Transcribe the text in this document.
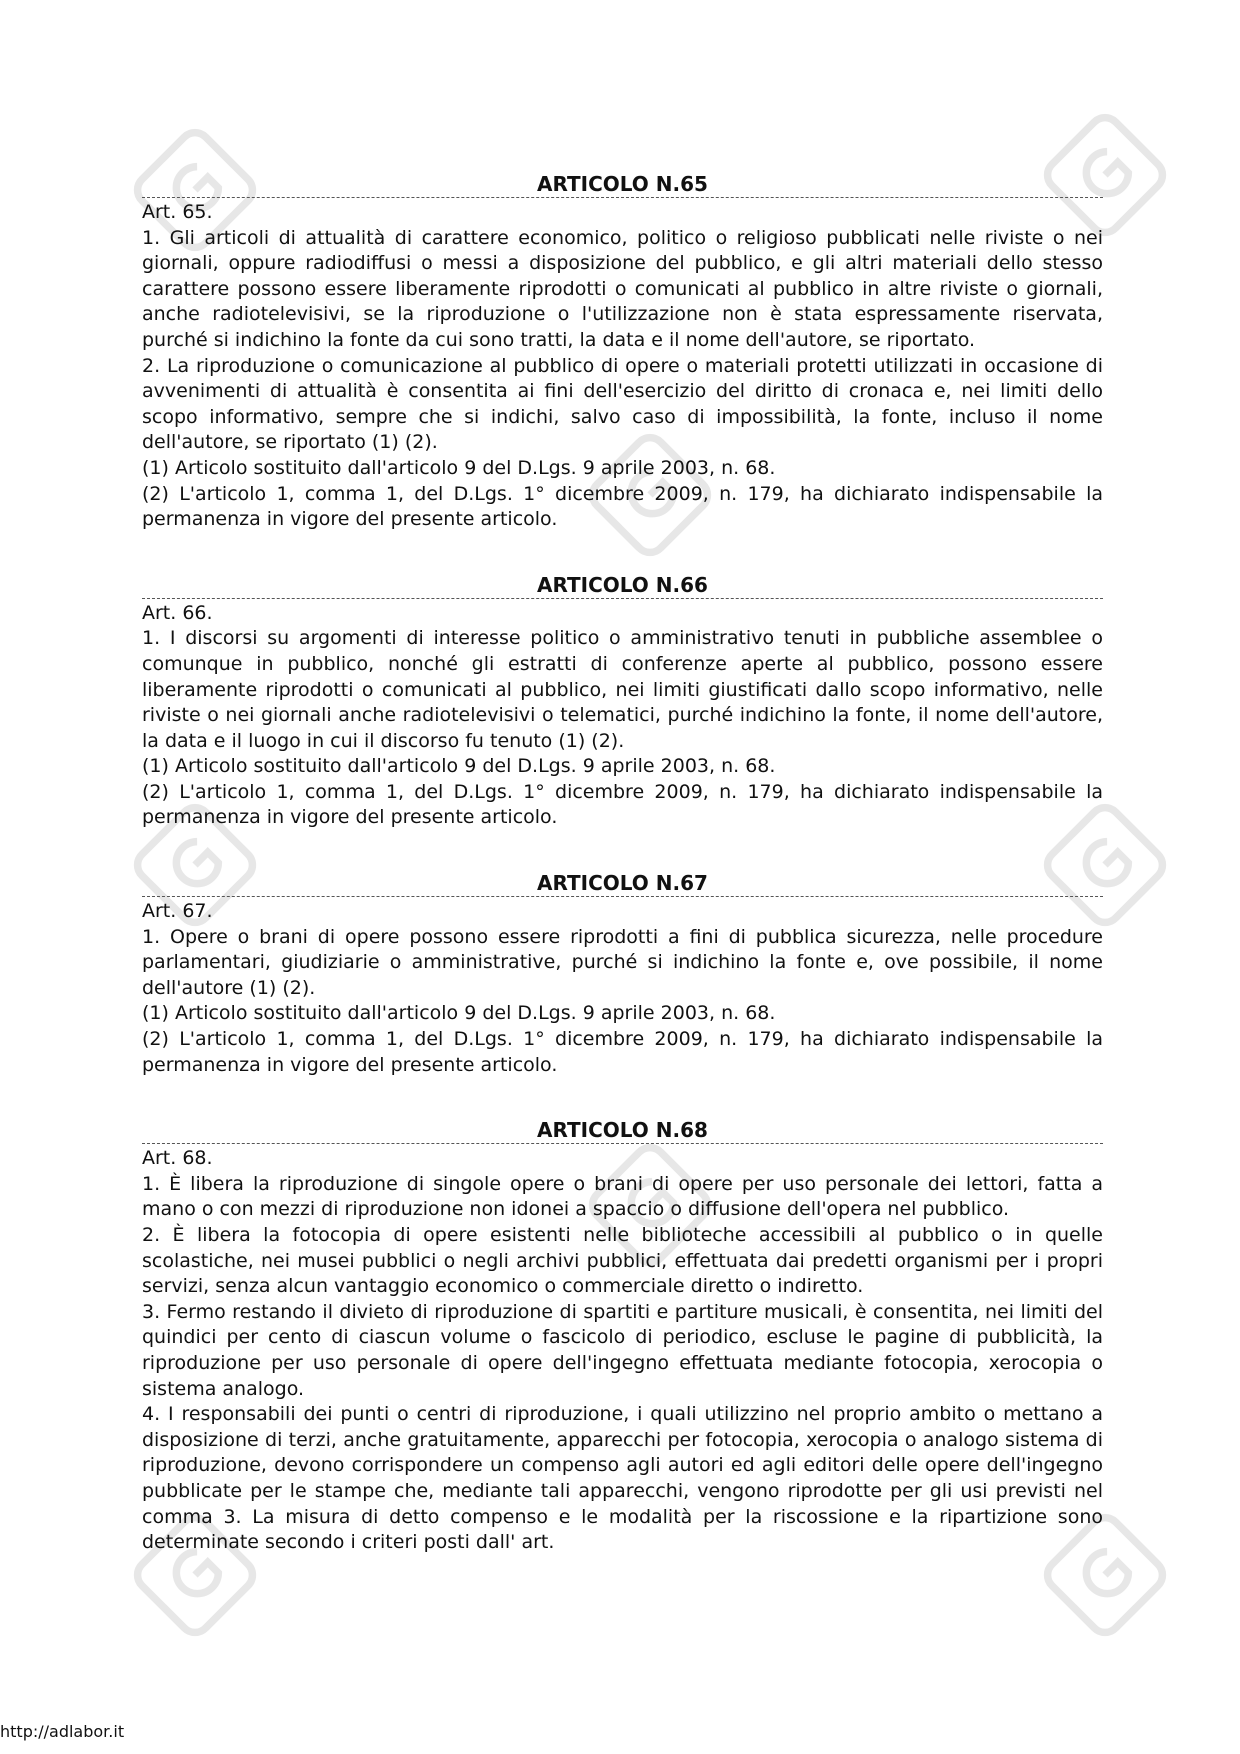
ARTICOLO N.65
Art. 65.
1. Gli articoli di attualità di carattere economico, politico o religioso pubblicati nelle riviste o nei giornali, oppure radiodiffusi o messi a disposizione del pubblico, e gli altri materiali dello stesso carattere possono essere liberamente riprodotti o comunicati al pubblico in altre riviste o giornali, anche radiotelevisivi, se la riproduzione o l'utilizzazione non è stata espressamente riservata, purché si indichino la fonte da cui sono tratti, la data e il nome dell'autore, se riportato.
2. La riproduzione o comunicazione al pubblico di opere o materiali protetti utilizzati in occasione di avvenimenti di attualità è consentita ai fini dell'esercizio del diritto di cronaca e, nei limiti dello scopo informativo, sempre che si indichi, salvo caso di impossibilità, la fonte, incluso il nome dell'autore, se riportato (1) (2).
(1) Articolo sostituito dall'articolo 9 del D.Lgs. 9 aprile 2003, n. 68.
(2) L'articolo 1, comma 1, del D.Lgs. 1° dicembre 2009, n. 179, ha dichiarato indispensabile la permanenza in vigore del presente articolo.
ARTICOLO N.66
Art. 66.
1. I discorsi su argomenti di interesse politico o amministrativo tenuti in pubbliche assemblee o comunque in pubblico, nonché gli estratti di conferenze aperte al pubblico, possono essere liberamente riprodotti o comunicati al pubblico, nei limiti giustificati dallo scopo informativo, nelle riviste o nei giornali anche radiotelevisivi o telematici, purché indichino la fonte, il nome dell'autore, la data e il luogo in cui il discorso fu tenuto (1) (2).
(1) Articolo sostituito dall'articolo 9 del D.Lgs. 9 aprile 2003, n. 68.
(2) L'articolo 1, comma 1, del D.Lgs. 1° dicembre 2009, n. 179, ha dichiarato indispensabile la permanenza in vigore del presente articolo.
ARTICOLO N.67
Art. 67.
1. Opere o brani di opere possono essere riprodotti a fini di pubblica sicurezza, nelle procedure parlamentari, giudiziarie o amministrative, purché si indichino la fonte e, ove possibile, il nome dell'autore (1) (2).
(1) Articolo sostituito dall'articolo 9 del D.Lgs. 9 aprile 2003, n. 68.
(2) L'articolo 1, comma 1, del D.Lgs. 1° dicembre 2009, n. 179, ha dichiarato indispensabile la permanenza in vigore del presente articolo.
ARTICOLO N.68
Art. 68.
1. È libera la riproduzione di singole opere o brani di opere per uso personale dei lettori, fatta a mano o con mezzi di riproduzione non idonei a spaccio o diffusione dell'opera nel pubblico.
2. È libera la fotocopia di opere esistenti nelle biblioteche accessibili al pubblico o in quelle scolastiche, nei musei pubblici o negli archivi pubblici, effettuata dai predetti organismi per i propri servizi, senza alcun vantaggio economico o commerciale diretto o indiretto.
3. Fermo restando il divieto di riproduzione di spartiti e partiture musicali, è consentita, nei limiti del quindici per cento di ciascun volume o fascicolo di periodico, escluse le pagine di pubblicità, la riproduzione per uso personale di opere dell'ingegno effettuata mediante fotocopia, xerocopia o sistema analogo.
4. I responsabili dei punti o centri di riproduzione, i quali utilizzino nel proprio ambito o mettano a disposizione di terzi, anche gratuitamente, apparecchi per fotocopia, xerocopia o analogo sistema di riproduzione, devono corrispondere un compenso agli autori ed agli editori delle opere dell'ingegno pubblicate per le stampe che, mediante tali apparecchi, vengono riprodotte per gli usi previsti nel comma 3. La misura di detto compenso e le modalità per la riscossione e la ripartizione sono determinate secondo i criteri posti dall' art.
http://adlabor.it
